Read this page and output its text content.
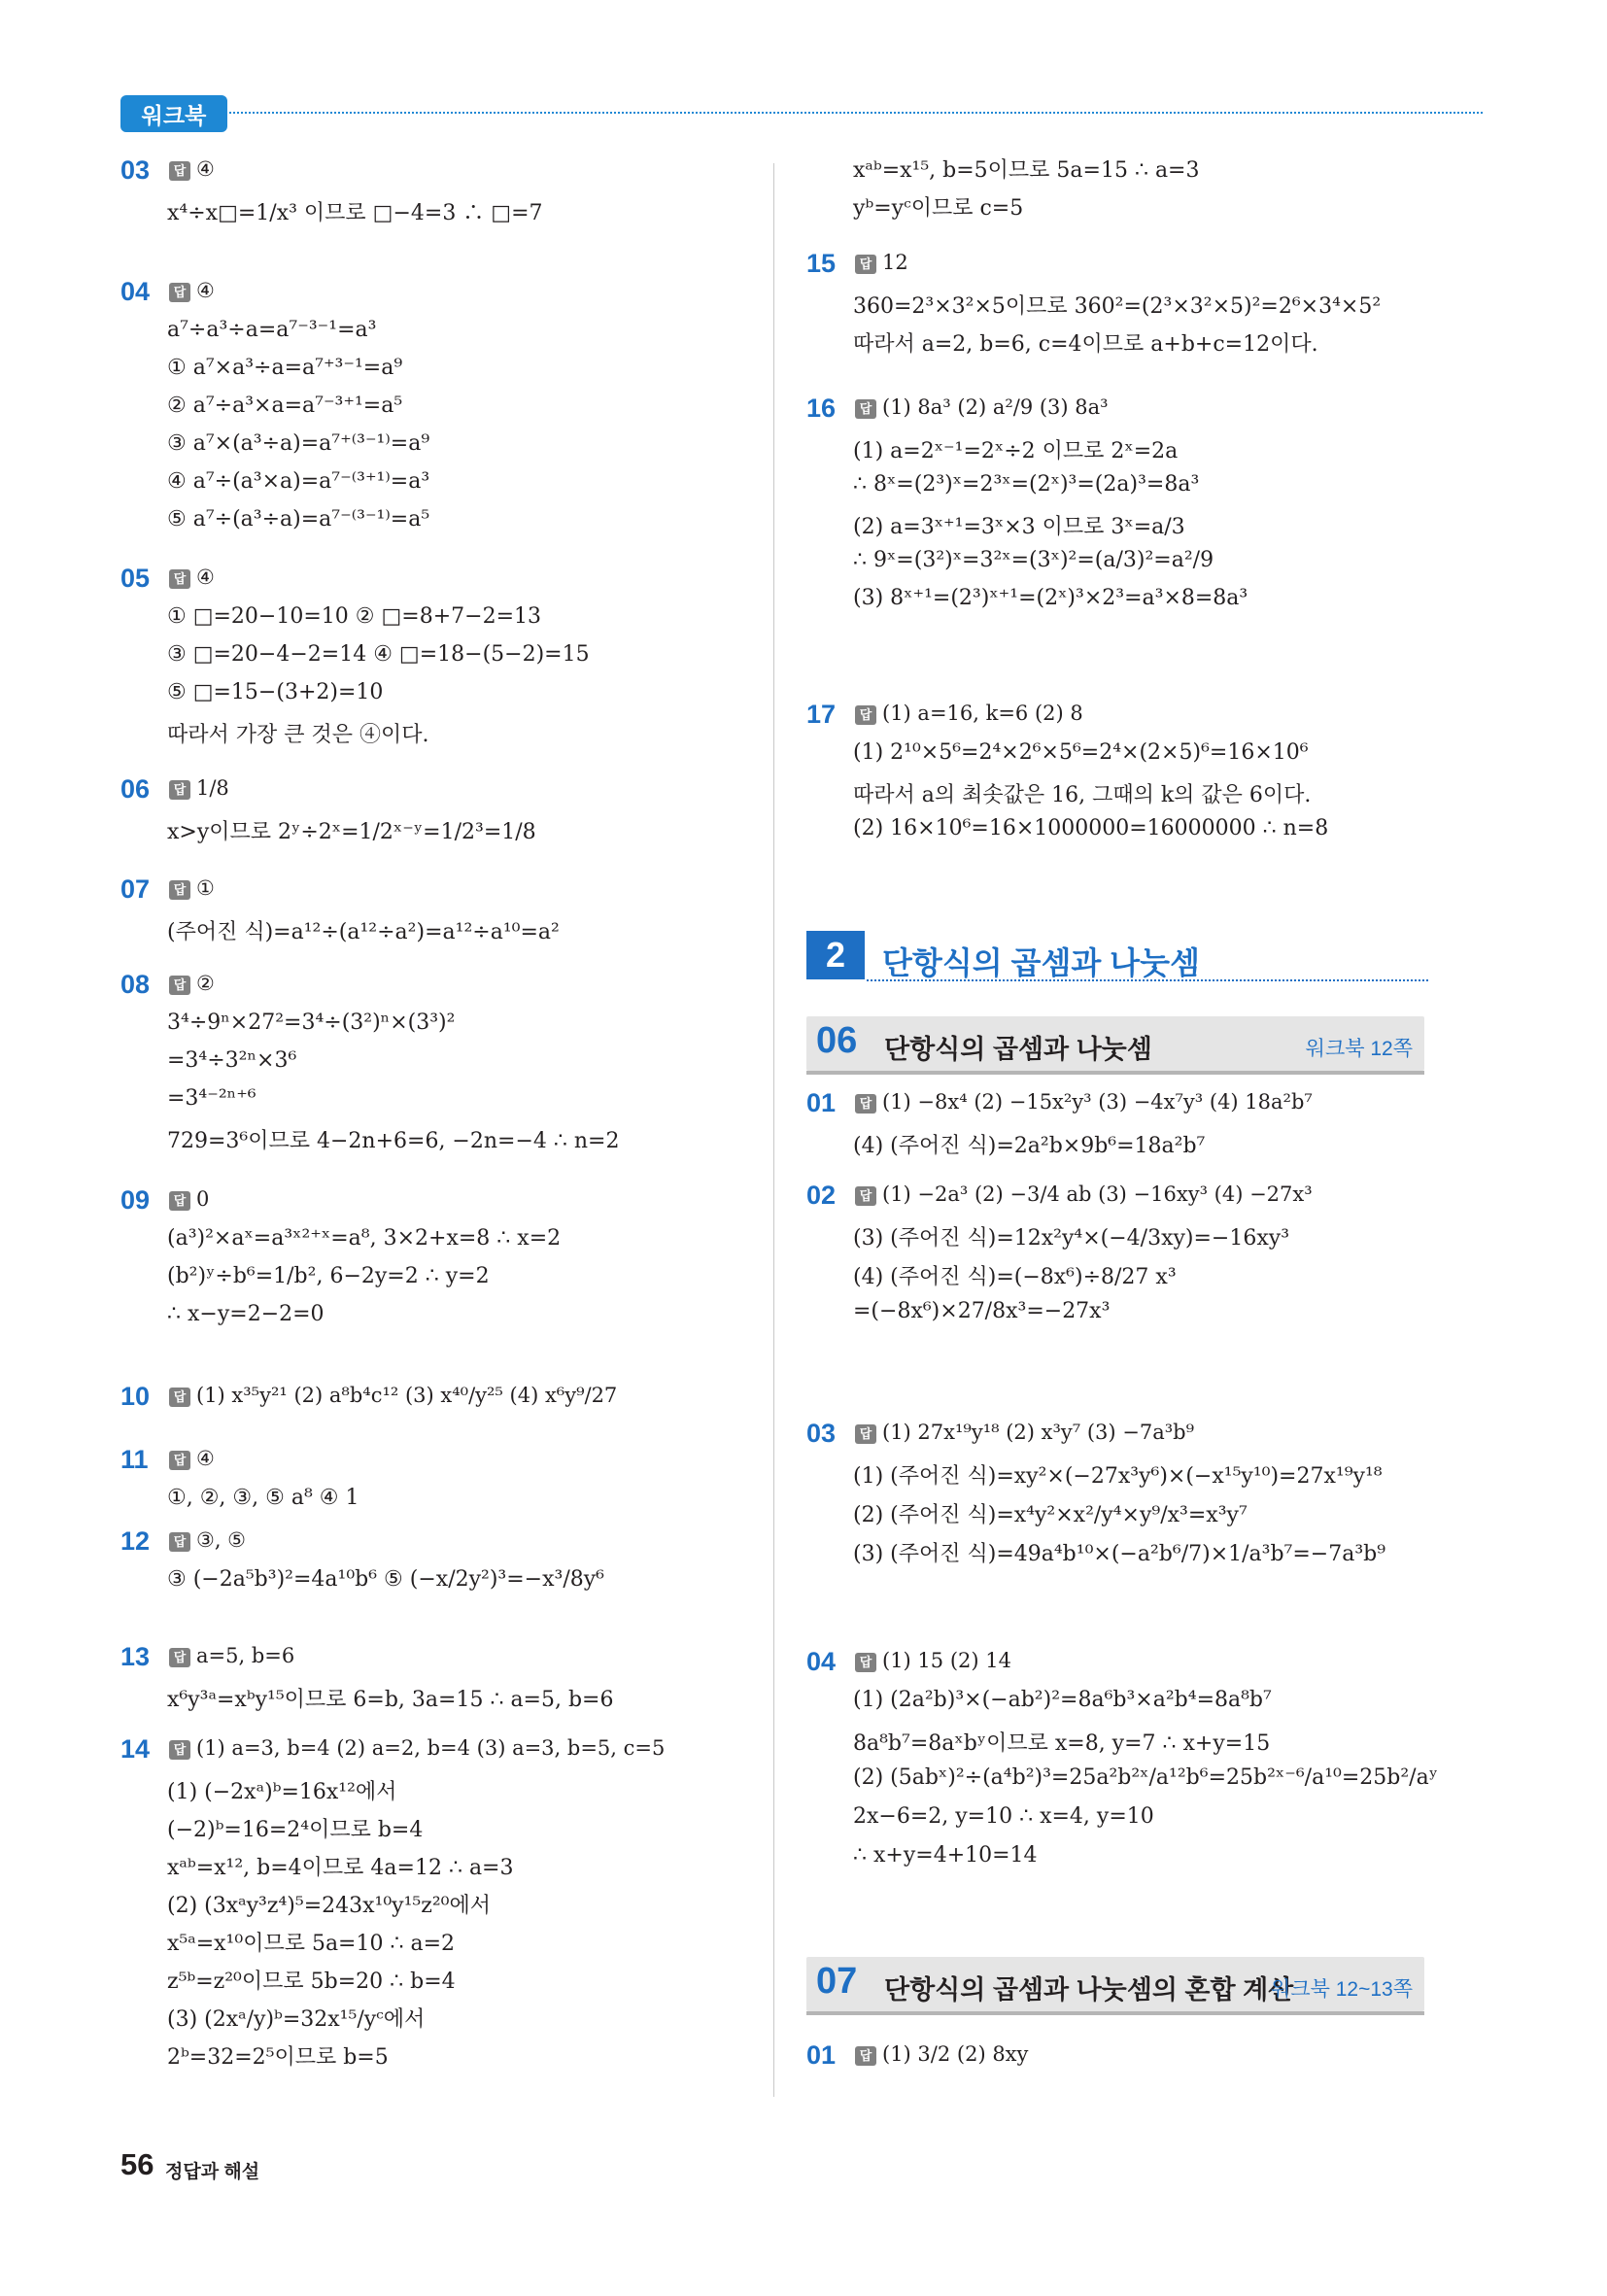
워크북
03	답 ④
x⁴÷x□=1/x³ 이므로 □−4=3 ∴ □=7
04	답 ④
a⁷÷a³÷a=a⁷⁻³⁻¹=a³
① a⁷×a³÷a=a⁷⁺³⁻¹=a⁹
② a⁷÷a³×a=a⁷⁻³⁺¹=a⁵
③ a⁷×(a³÷a)=a⁷⁺⁽³⁻¹⁾=a⁹
④ a⁷÷(a³×a)=a⁷⁻⁽³⁺¹⁾=a³
⑤ a⁷÷(a³÷a)=a⁷⁻⁽³⁻¹⁾=a⁵
05	답 ④
① □=20−10=10 ② □=8+7−2=13
③ □=20−4−2=14 ④ □=18−(5−2)=15
⑤ □=15−(3+2)=10
따라서 가장 큰 것은 ④이다.
06	답 1/8
x>y이므로 2ʸ÷2ˣ=1/2ˣ⁻ʸ=1/2³=1/8
07	답 ①
(주어진 식)=a¹²÷(a¹²÷a²)=a¹²÷a¹⁰=a²
08	답 ②
3⁴÷9ⁿ×27²=3⁴÷(3²)ⁿ×(3³)²
=3⁴÷3²ⁿ×3⁶
=3⁴⁻²ⁿ⁺⁶
729=3⁶이므로 4−2n+6=6, −2n=−4 ∴ n=2
09	답 0
(a³)²×aˣ=a³ˣ²⁺ˣ=a⁸, 3×2+x=8 ∴ x=2
(b²)ʸ÷b⁶=1/b², 6−2y=2 ∴ y=2
∴ x−y=2−2=0
10	답 (1) x³⁵y²¹ (2) a⁸b⁴c¹² (3) x⁴⁰/y²⁵ (4) x⁶y⁹/27
11	답 ④
①, ②, ③, ⑤ a⁸ ④ 1
12	답 ③, ⑤
③ (−2a⁵b³)²=4a¹⁰b⁶ ⑤ (−x/2y²)³=−x³/8y⁶
13	답 a=5, b=6
x⁶y³ᵃ=xᵇy¹⁵이므로 6=b, 3a=15 ∴ a=5, b=6
14	답 (1) a=3, b=4 (2) a=2, b=4 (3) a=3, b=5, c=5
(1) (−2xᵃ)ᵇ=16x¹²에서
(−2)ᵇ=16=2⁴이므로 b=4
xᵃᵇ=x¹², b=4이므로 4a=12 ∴ a=3
(2) (3xᵃy³z⁴)⁵=243x¹⁰y¹⁵z²⁰에서
x⁵ᵃ=x¹⁰이므로 5a=10 ∴ a=2
z⁵ᵇ=z²⁰이므로 5b=20 ∴ b=4
(3) (2xᵃ/y)ᵇ=32x¹⁵/yᶜ에서
2ᵇ=32=2⁵이므로 b=5
xᵃᵇ=x¹⁵, b=5이므로 5a=15 ∴ a=3
yᵇ=yᶜ이므로 c=5
15	답 12
360=2³×3²×5이므로 360²=(2³×3²×5)²=2⁶×3⁴×5²
따라서 a=2, b=6, c=4이므로 a+b+c=12이다.
16	답 (1) 8a³ (2) a²/9 (3) 8a³
(1) a=2ˣ⁻¹=2ˣ÷2 이므로 2ˣ=2a
∴ 8ˣ=(2³)ˣ=2³ˣ=(2ˣ)³=(2a)³=8a³
(2) a=3ˣ⁺¹=3ˣ×3 이므로 3ˣ=a/3
∴ 9ˣ=(3²)ˣ=3²ˣ=(3ˣ)²=(a/3)²=a²/9
(3) 8ˣ⁺¹=(2³)ˣ⁺¹=(2ˣ)³×2³=a³×8=8a³
17	답 (1) a=16, k=6 (2) 8
(1) 2¹⁰×5⁶=2⁴×2⁶×5⁶=2⁴×(2×5)⁶=16×10⁶
따라서 a의 최솟값은 16, 그때의 k의 값은 6이다.
(2) 16×10⁶=16×1000000=16000000 ∴ n=8
2	단항식의 곱셈과 나눗셈
06 단항식의 곱셈과 나눗셈	워크북 12쪽
01	답 (1) −8x⁴ (2) −15x²y³ (3) −4x⁷y³ (4) 18a²b⁷
(4) (주어진 식)=2a²b×9b⁶=18a²b⁷
02	답 (1) −2a³ (2) −3/4 ab (3) −16xy³ (4) −27x³
(3) (주어진 식)=12x²y⁴×(−4/3xy)=−16xy³
(4) (주어진 식)=(−8x⁶)÷8/27 x³
=(−8x⁶)×27/8x³=−27x³
03	답 (1) 27x¹⁹y¹⁸ (2) x³y⁷ (3) −7a³b⁹
(1) (주어진 식)=xy²×(−27x³y⁶)×(−x¹⁵y¹⁰)=27x¹⁹y¹⁸
(2) (주어진 식)=x⁴y²×x²/y⁴×y⁹/x³=x³y⁷
(3) (주어진 식)=49a⁴b¹⁰×(−a²b⁶/7)×1/a³b⁷=−7a³b⁹
04	답 (1) 15 (2) 14
(1) (2a²b)³×(−ab²)²=8a⁶b³×a²b⁴=8a⁸b⁷
8a⁸b⁷=8aˣbʸ이므로 x=8, y=7 ∴ x+y=15
(2) (5abˣ)²÷(a⁴b²)³=25a²b²ˣ/a¹²b⁶=25b²ˣ⁻⁶/a¹⁰=25b²/aʸ
2x−6=2, y=10 ∴ x=4, y=10
∴ x+y=4+10=14
07 단항식의 곱셈과 나눗셈의 혼합 계산
워크북 12~13쪽
01	답 (1) 3/2 (2) 8xy
56 정답과 해설
